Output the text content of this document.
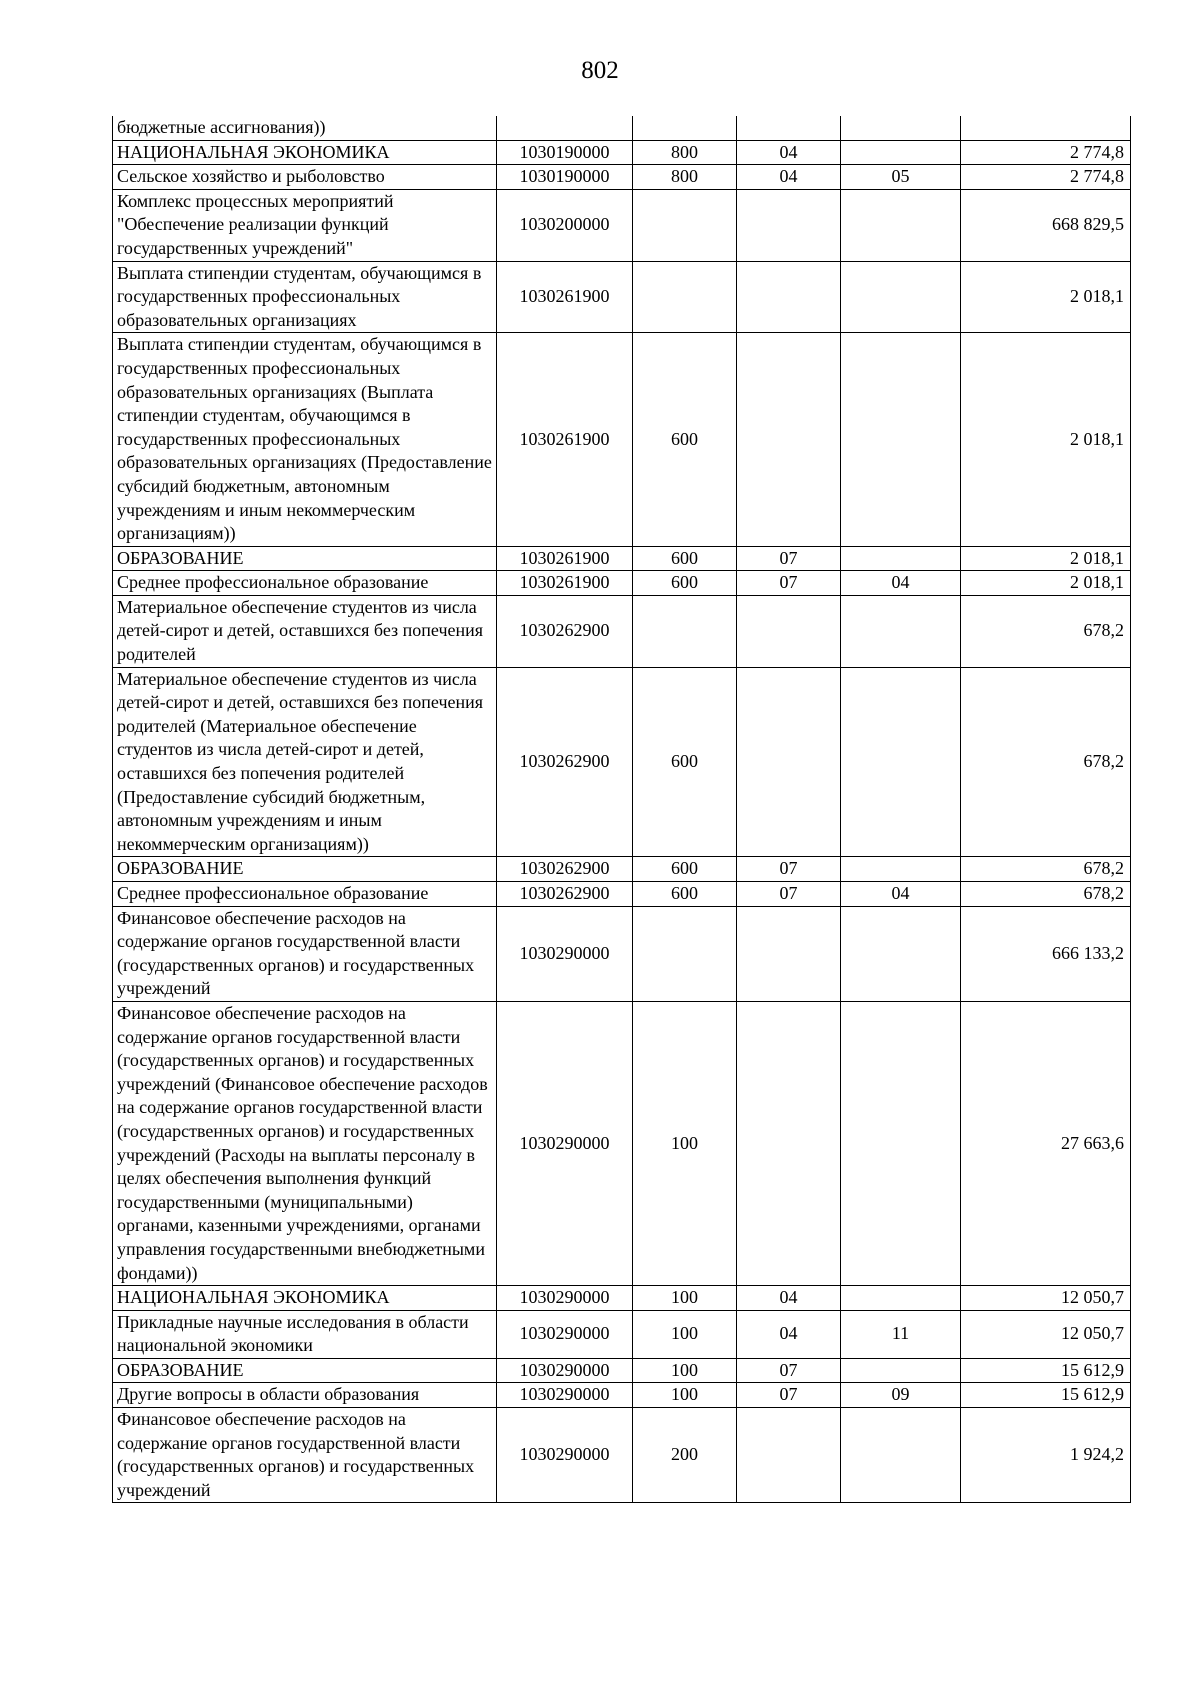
802
бюджетные ассигнования))					
НАЦИОНАЛЬНАЯ ЭКОНОМИКА	1030190000	800	04		2 774,8
Сельское хозяйство и рыболовство	1030190000	800	04	05	2 774,8
Комплекс процессных мероприятий "Обеспечение реализации функций государственных учреждений"	1030200000				668 829,5
Выплата стипендии студентам, обучающимся в государственных профессиональных образовательных организациях	1030261900				2 018,1
Выплата стипендии студентам, обучающимся в государственных профессиональных образовательных организациях (Выплата стипендии студентам, обучающимся в государственных профессиональных образовательных организациях (Предоставление субсидий бюджетным, автономным учреждениям и иным некоммерческим организациям))	1030261900	600			2 018,1
ОБРАЗОВАНИЕ	1030261900	600	07		2 018,1
Среднее профессиональное образование	1030261900	600	07	04	2 018,1
Материальное обеспечение студентов из числа детей-сирот и детей, оставшихся без попечения родителей	1030262900				678,2
Материальное обеспечение студентов из числа детей-сирот и детей, оставшихся без попечения родителей (Материальное обеспечение студентов из числа детей-сирот и детей, оставшихся без попечения родителей (Предоставление субсидий бюджетным, автономным учреждениям и иным некоммерческим организациям))	1030262900	600			678,2
ОБРАЗОВАНИЕ	1030262900	600	07		678,2
Среднее профессиональное образование	1030262900	600	07	04	678,2
Финансовое обеспечение расходов на содержание органов государственной власти (государственных органов) и государственных учреждений	1030290000				666 133,2
Финансовое обеспечение расходов на содержание органов государственной власти (государственных органов) и государственных учреждений (Финансовое обеспечение расходов на содержание органов государственной власти (государственных органов) и государственных учреждений (Расходы на выплаты персоналу в целях обеспечения выполнения функций государственными (муниципальными) органами, казенными учреждениями, органами управления государственными внебюджетными фондами))	1030290000	100			27 663,6
НАЦИОНАЛЬНАЯ ЭКОНОМИКА	1030290000	100	04		12 050,7
Прикладные научные исследования в области национальной экономики	1030290000	100	04	11	12 050,7
ОБРАЗОВАНИЕ	1030290000	100	07		15 612,9
Другие вопросы в области образования	1030290000	100	07	09	15 612,9
Финансовое обеспечение расходов на содержание органов государственной власти (государственных органов) и государственных учреждений	1030290000	200			1 924,2
